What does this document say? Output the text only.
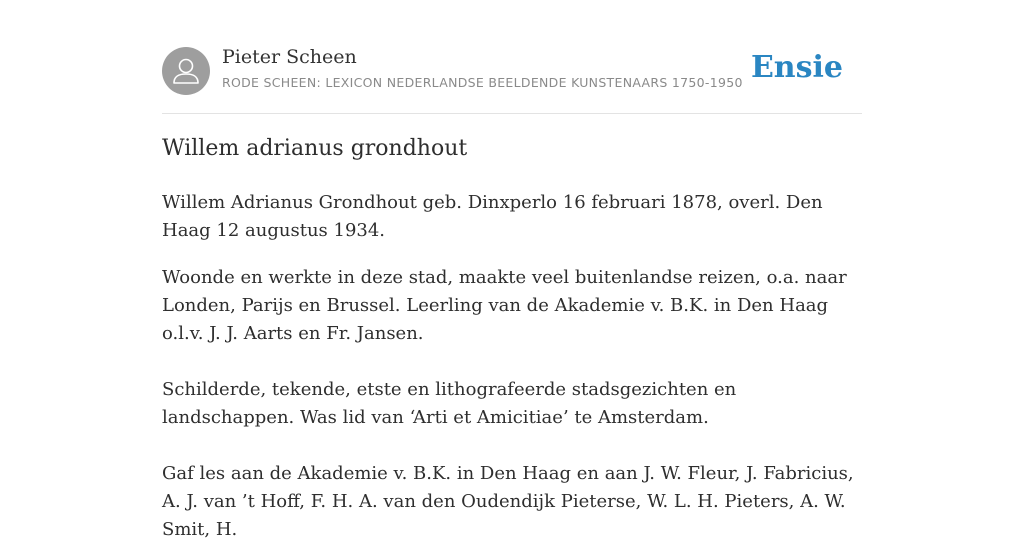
Pieter Scheen
RODE SCHEEN: LEXICON NEDERLANDSE BEELDENDE KUNSTENAARS 1750-1950 Ensie
Willem adrianus grondhout

Willem Adrianus Grondhout geb. Dinxperlo 16 februari 1878, overl. Den Haag 12 augustus 1934.

Woonde en werkte in deze stad, maakte veel buitenlandse reizen, o.a. naar Londen, Parijs en Brussel. Leerling van de Akademie v. B.K. in Den Haag o.l.v. J. J. Aarts en Fr. Jansen.

Schilderde, tekende, etste en lithografeerde stadsgezichten en landschappen. Was lid van ‘Arti et Amicitiae’ te Amsterdam.

Gaf les aan de Akademie v. B.K. in Den Haag en aan J. W. Fleur, J. Fabricius, A. J. van ’t Hoff, F. H. A. van den Oudendijk Pieterse, W. L. H. Pieters, A. W. Smit, H.
